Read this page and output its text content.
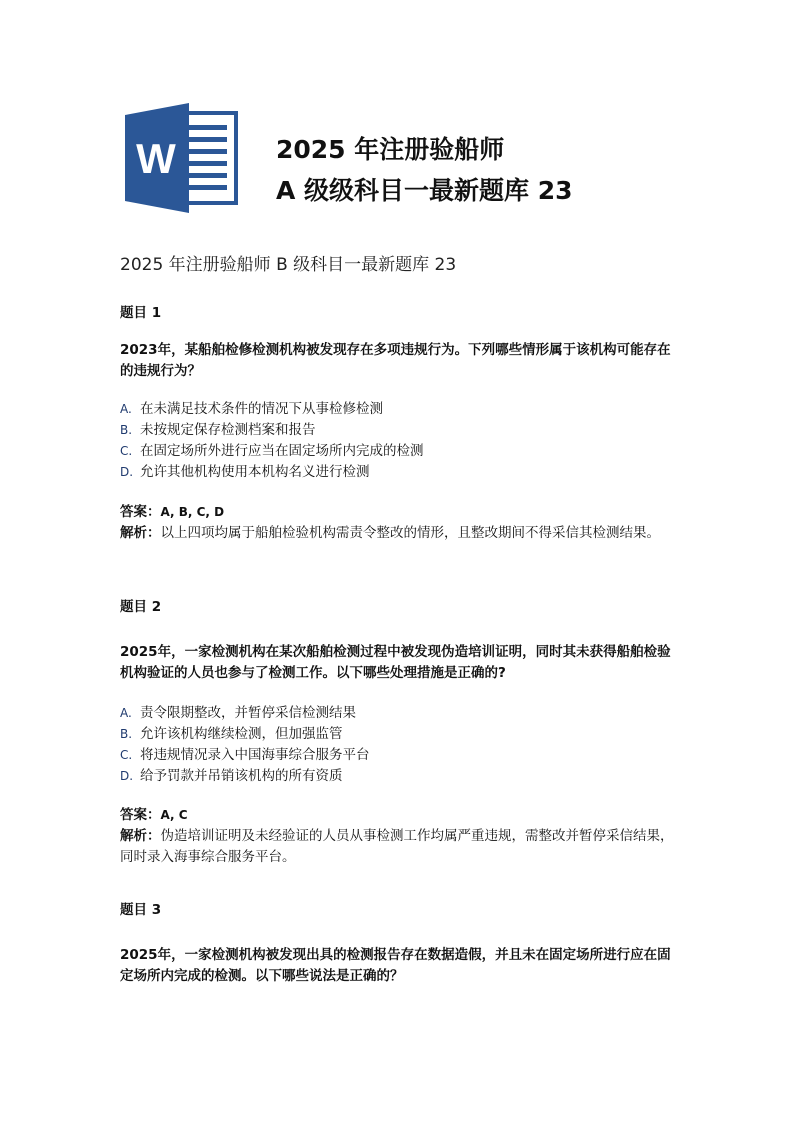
W	2025 年注册验船师
A 级级科目一最新题库 23
2025 年注册验船师 B 级科目一最新题库 23
题目 1
2023年，某船舶检修检测机构被发现存在多项违规行为。下列哪些情形属于该机构可能存在的违规行为？
A. 在未满足技术条件的情况下从事检修检测
B. 未按规定保存检测档案和报告
C. 在固定场所外进行应当在固定场所内完成的检测
D. 允许其他机构使用本机构名义进行检测
答案：A, B, C, D
解析：以上四项均属于船舶检验机构需责令整改的情形，且整改期间不得采信其检测结果。
题目 2
2025年，一家检测机构在某次船舶检测过程中被发现伪造培训证明，同时其未获得船舶检验机构验证的人员也参与了检测工作。以下哪些处理措施是正确的?
A. 责令限期整改，并暂停采信检测结果
B. 允许该机构继续检测，但加强监管
C. 将违规情况录入中国海事综合服务平台
D. 给予罚款并吊销该机构的所有资质
答案：A, C
解析：伪造培训证明及未经验证的人员从事检测工作均属严重违规，需整改并暂停采信结果，同时录入海事综合服务平台。
题目 3
2025年，一家检测机构被发现出具的检测报告存在数据造假，并且未在固定场所进行应在固定场所内完成的检测。以下哪些说法是正确的？
